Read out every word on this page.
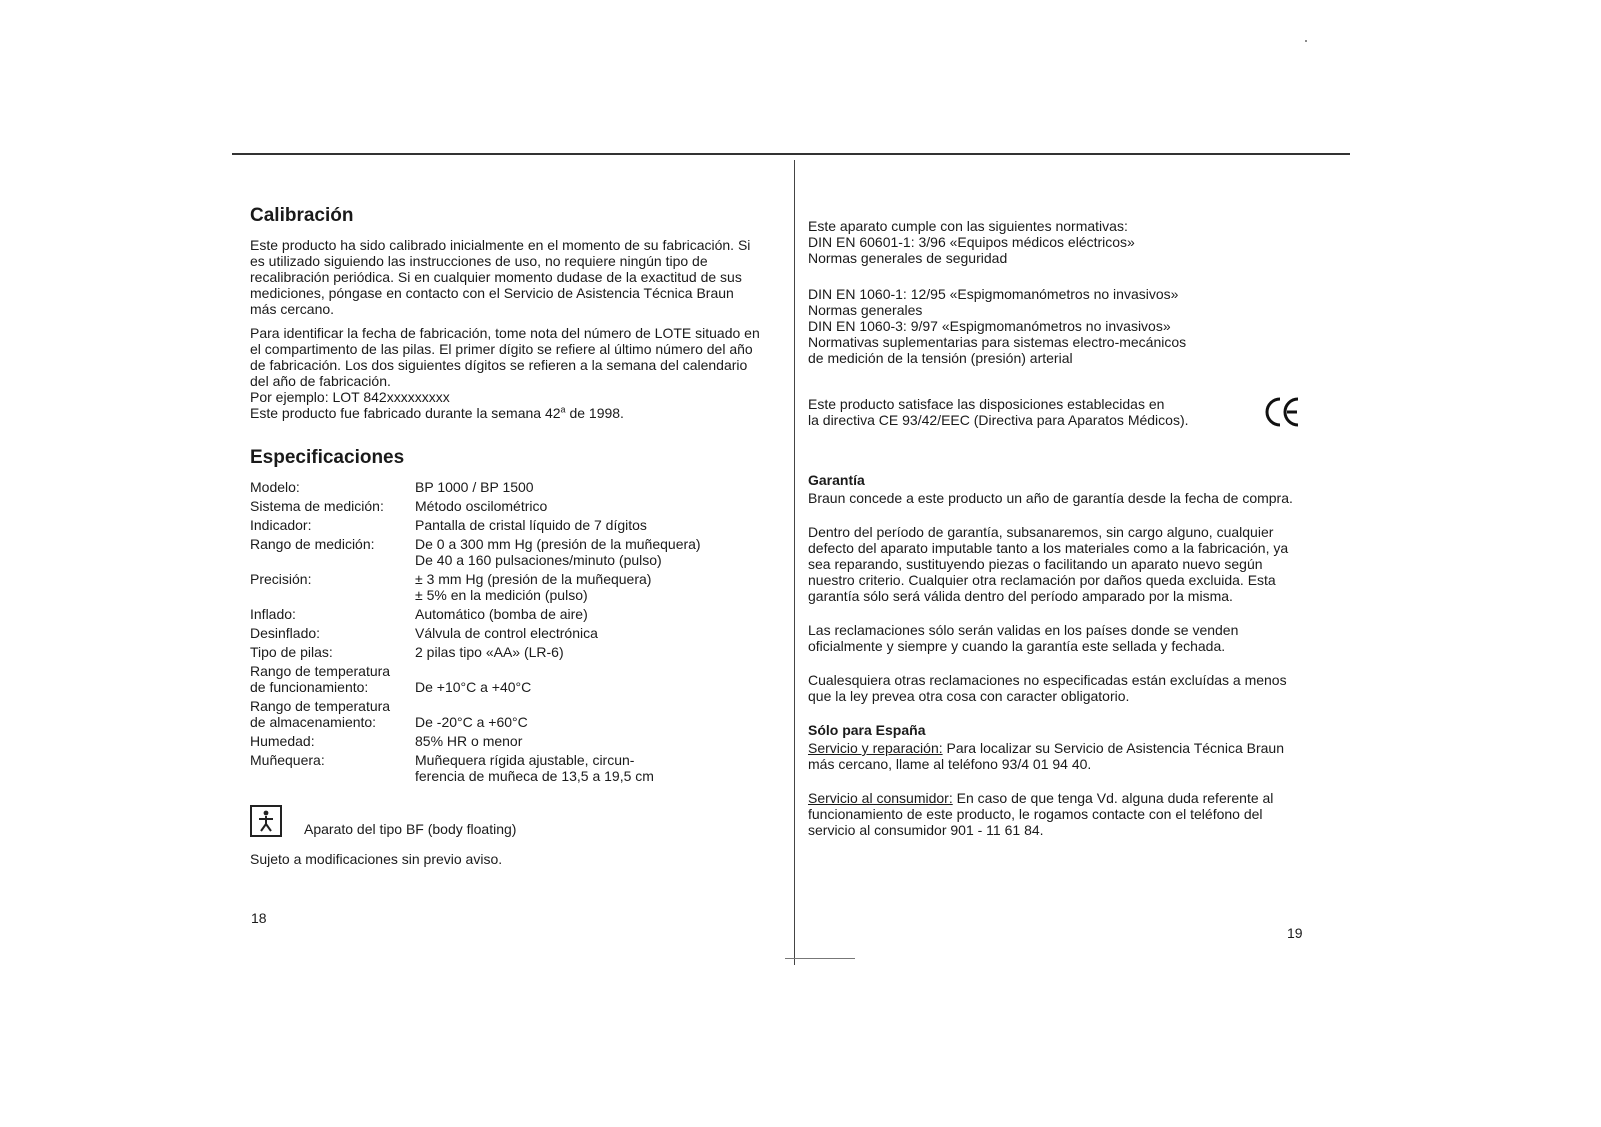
Calibración

Este producto ha sido calibrado inicialmente en el momento de su fabricación. Si es utilizado siguiendo las instrucciones de uso, no requiere ningún tipo de recalibración periódica. Si en cualquier momento dudase de la exactitud de sus mediciones, póngase en contacto con el Servicio de Asistencia Técnica Braun más cercano.

Para identificar la fecha de fabricación, tome nota del número de LOTE situado en el compartimento de las pilas. El primer dígito se refiere al último número del año de fabricación. Los dos siguientes dígitos se refieren a la semana del calendario del año de fabricación.

Por ejemplo: LOT 842xxxxxxxxx

Este producto fue fabricado durante la semana 42$^a$ de 1998.

Especificaciones
Modelo:	BP 1000 / BP 1500
Sistema de medición:	Método oscilométrico
Indicador:	Pantalla de cristal líquido de 7 dígitos
Rango de medición:	De 0 a 300 mm Hg (presión de la muñequera)
De 40 a 160 pulsaciones/minuto (pulso)
Precisión:	± 3 mm Hg (presión de la muñequera)
± 5% en la medición (pulso)
Inflado:	Automático (bomba de aire)
Desinflado:	Válvula de control electrónica
Tipo de pilas:	2 pilas tipo «AA» (LR-6)
Rango de temperatura
de funcionamiento:	De +10°C a +40°C
Rango de temperatura
de almacenamiento:	De -20°C a +60°C
Humedad:	85% HR o menor
Muñequera:	Muñequera rígida ajustable, circun-
ferencia de muñeca de 13,5 a 19,5 cm
Aparato del tipo BF (body floating)
Sujeto a modificaciones sin previo aviso.
18

Este aparato cumple con las siguientes normativas:
DIN EN 60601-1: 3/96 «Equipos médicos eléctricos»
Normas generales de seguridad

DIN EN 1060-1: 12/95 «Espigmomanómetros no invasivos»
Normas generales
DIN EN 1060-3: 9/97 «Espigmomanómetros no invasivos»
Normativas suplementarias para sistemas electro-mecánicos
de medición de la tensión (presión) arterial

Este producto satisface las disposiciones establecidas en
la directiva CE 93/42/EEC (Directiva para Aparatos Médicos).
Garantía

Braun concede a este producto un año de garantía desde la fecha de compra.

Dentro del período de garantía, subsanaremos, sin cargo alguno, cualquier defecto del aparato imputable tanto a los materiales como a la fabricación, ya sea reparando, sustituyendo piezas o facilitando un aparato nuevo según nuestro criterio. Cualquier otra reclamación por daños queda excluida. Esta garantía sólo será válida dentro del período amparado por la misma.

Las reclamaciones sólo serán validas en los países donde se venden oficialmente y siempre y cuando la garantía este sellada y fechada.

Cualesquiera otras reclamaciones no especificadas están excluídas a menos que la ley prevea otra cosa con caracter obligatorio.

Sólo para España

Servicio y reparación: Para localizar su Servicio de Asistencia Técnica Braun más cercano, llame al teléfono 93/4 01 94 40.

Servicio al consumidor: En caso de que tenga Vd. alguna duda referente al funcionamiento de este producto, le rogamos contacte con el teléfono del servicio al consumidor 901 - 11 61 84.

19
